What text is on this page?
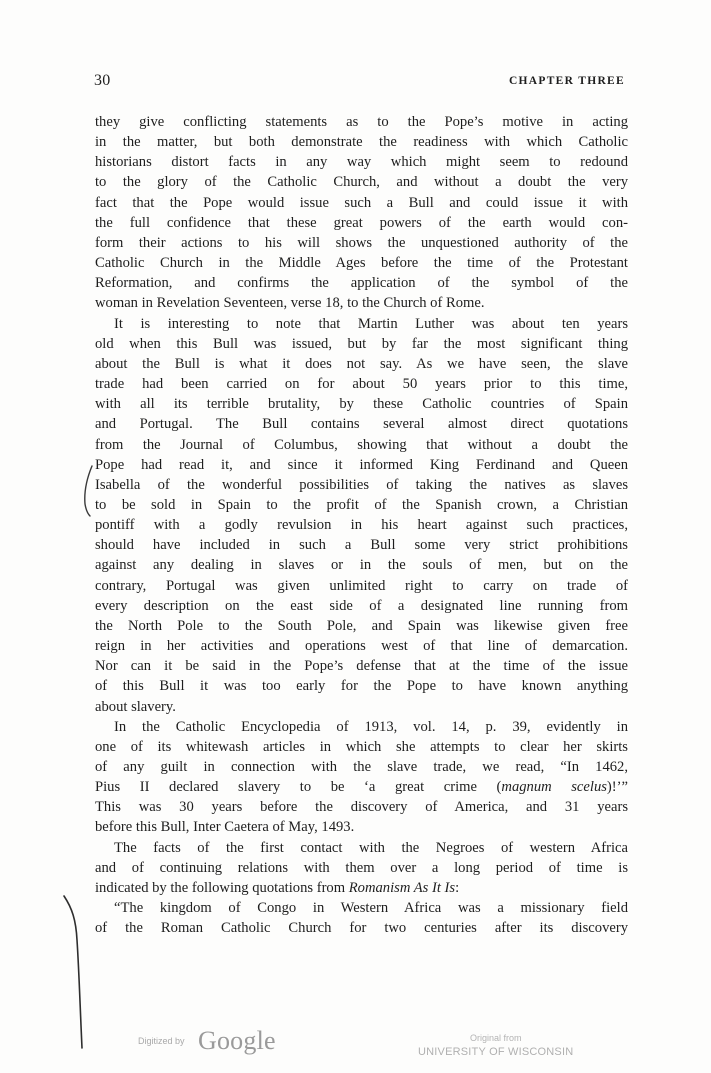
30	CHAPTER THREE
they give conflicting statements as to the Pope’s motive in acting
in the matter, but both demonstrate the readiness with which Catholic
historians distort facts in any way which might seem to redound
to the glory of the Catholic Church, and without a doubt the very
fact that the Pope would issue such a Bull and could issue it with
the full confidence that these great powers of the earth would con-
form their actions to his will shows the unquestioned authority of the
Catholic Church in the Middle Ages before the time of the Protestant
Reformation, and confirms the application of the symbol of the
woman in Revelation Seventeen, verse 18, to the Church of Rome.
It is interesting to note that Martin Luther was about ten years
old when this Bull was issued, but by far the most significant thing
about the Bull is what it does not say. As we have seen, the slave
trade had been carried on for about 50 years prior to this time,
with all its terrible brutality, by these Catholic countries of Spain
and Portugal. The Bull contains several almost direct quotations
from the Journal of Columbus, showing that without a doubt the
Pope had read it, and since it informed King Ferdinand and Queen
Isabella of the wonderful possibilities of taking the natives as slaves
to be sold in Spain to the profit of the Spanish crown, a Christian
pontiff with a godly revulsion in his heart against such practices,
should have included in such a Bull some very strict prohibitions
against any dealing in slaves or in the souls of men, but on the
contrary, Portugal was given unlimited right to carry on trade of
every description on the east side of a designated line running from
the North Pole to the South Pole, and Spain was likewise given free
reign in her activities and operations west of that line of demarcation.
Nor can it be said in the Pope’s defense that at the time of the issue
of this Bull it was too early for the Pope to have known anything
about slavery.
In the Catholic Encyclopedia of 1913, vol. 14, p. 39, evidently in
one of its whitewash articles in which she attempts to clear her skirts
of any guilt in connection with the slave trade, we read, “In 1462,
Pius II declared slavery to be ‘a great crime (magnum scelus)!’”
This was 30 years before the discovery of America, and 31 years
before this Bull, Inter Caetera of May, 1493.
The facts of the first contact with the Negroes of western Africa
and of continuing relations with them over a long period of time is
indicated by the following quotations from Romanism As It Is:
“The kingdom of Congo in Western Africa was a missionary field
of the Roman Catholic Church for two centuries after its discovery
Digitized by Google	Original from
UNIVERSITY OF WISCONSIN
